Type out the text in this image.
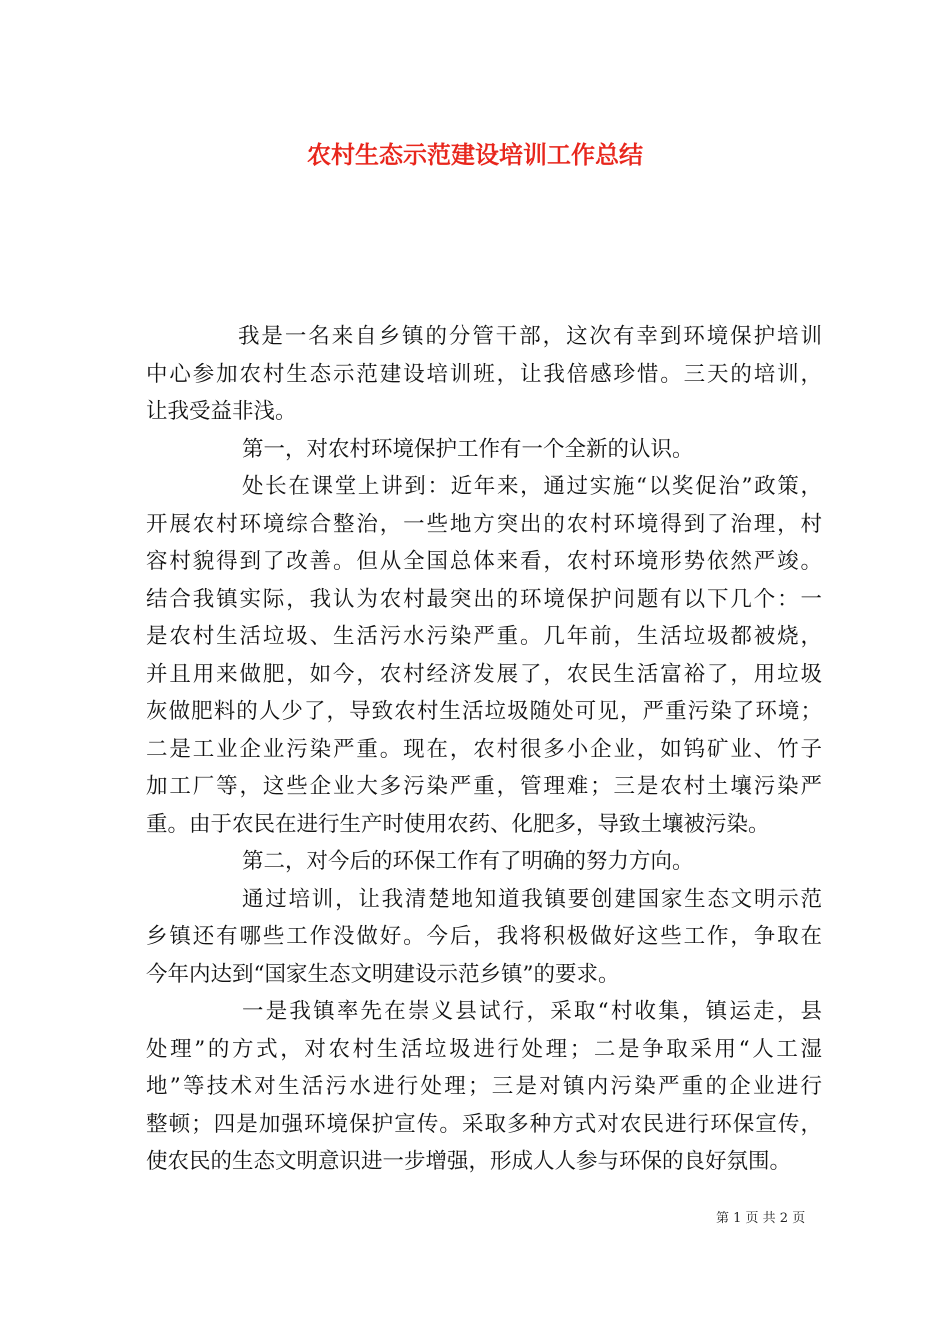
农村生态示范建设培训工作总结
我是一名来自乡镇的分管干部，这次有幸到环境保护培训
中心参加农村生态示范建设培训班，让我倍感珍惜。三天的培训，
让我受益非浅。
第一，对农村环境保护工作有一个全新的认识。
处长在课堂上讲到：近年来，通过实施“以奖促治”政策，
开展农村环境综合整治，一些地方突出的农村环境得到了治理，村
容村貌得到了改善。但从全国总体来看，农村环境形势依然严竣。
结合我镇实际，我认为农村最突出的环境保护问题有以下几个：一
是农村生活垃圾、生活污水污染严重。几年前，生活垃圾都被烧，
并且用来做肥，如今，农村经济发展了，农民生活富裕了，用垃圾
灰做肥料的人少了，导致农村生活垃圾随处可见，严重污染了环境；
二是工业企业污染严重。现在，农村很多小企业，如钨矿业、竹子
加工厂等，这些企业大多污染严重，管理难；三是农村土壤污染严
重。由于农民在进行生产时使用农药、化肥多，导致土壤被污染。
第二，对今后的环保工作有了明确的努力方向。
通过培训，让我清楚地知道我镇要创建国家生态文明示范
乡镇还有哪些工作没做好。今后，我将积极做好这些工作，争取在
今年内达到“国家生态文明建设示范乡镇”的要求。
一是我镇率先在崇义县试行，采取“村收集，镇运走，县
处理”的方式，对农村生活垃圾进行处理；二是争取采用“人工湿
地”等技术对生活污水进行处理；三是对镇内污染严重的企业进行
整顿；四是加强环境保护宣传。采取多种方式对农民进行环保宣传，
使农民的生态文明意识进一步增强，形成人人参与环保的良好氛围。
第 1 页 共 2 页
